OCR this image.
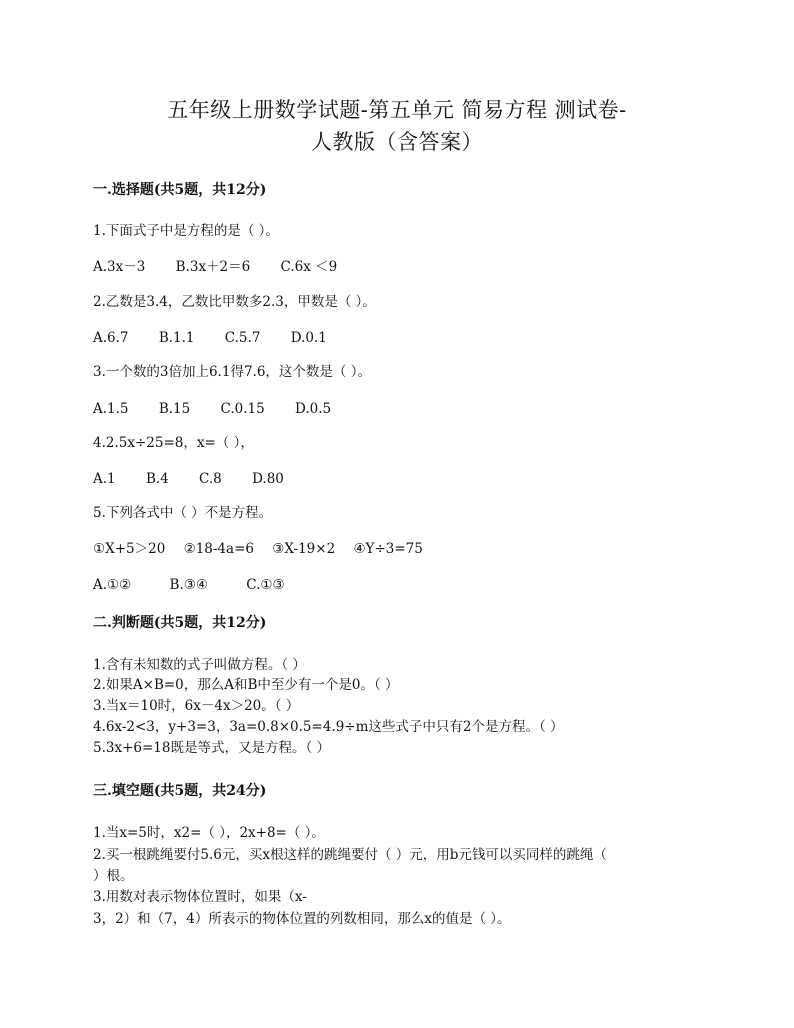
五年级上册数学试题-第五单元 简易方程 测试卷-
人教版（含答案）
一.选择题(共5题，共12分)
1.下面式子中是方程的是（ ）。
A.3x－3 B.3x＋2＝6 C.6x ＜9
2.乙数是3.4，乙数比甲数多2.3，甲数是（ ）。
A.6.7 B.1.1 C.5.7 D.0.1
3.一个数的3倍加上6.1得7.6，这个数是（ ）。
A.1.5 B.15 C.0.15 D.0.5
4.2.5x÷25=8，x=（ ），
A.1 B.4 C.8 D.80
5.下列各式中（ ）不是方程。
①X+5＞20 ②18-4a=6 ③X-19×2 ④Y÷3=75
A.①②	B.③④	C.①③
二.判断题(共5题，共12分)
1.含有未知数的式子叫做方程。（ ）
2.如果A×B=0，那么A和B中至少有一个是0。（ ）
3.当x＝10时，6x－4x＞20。（ ）
4.6x-2<3，y+3=3，3a=0.8×0.5=4.9÷m这些式子中只有2个是方程。（ ）
5.3x+6=18既是等式，又是方程。（ ）
三.填空题(共5题，共24分)
1.当x=5时，x2=（ ），2x+8=（ ）。
2.买一根跳绳要付5.6元，买x根这样的跳绳要付（ ）元，用b元钱可以买同样的跳绳（
）根。
3.用数对表示物体位置时，如果（x-
3，2）和（7，4）所表示的物体位置的列数相同，那么x的值是（ ）。
